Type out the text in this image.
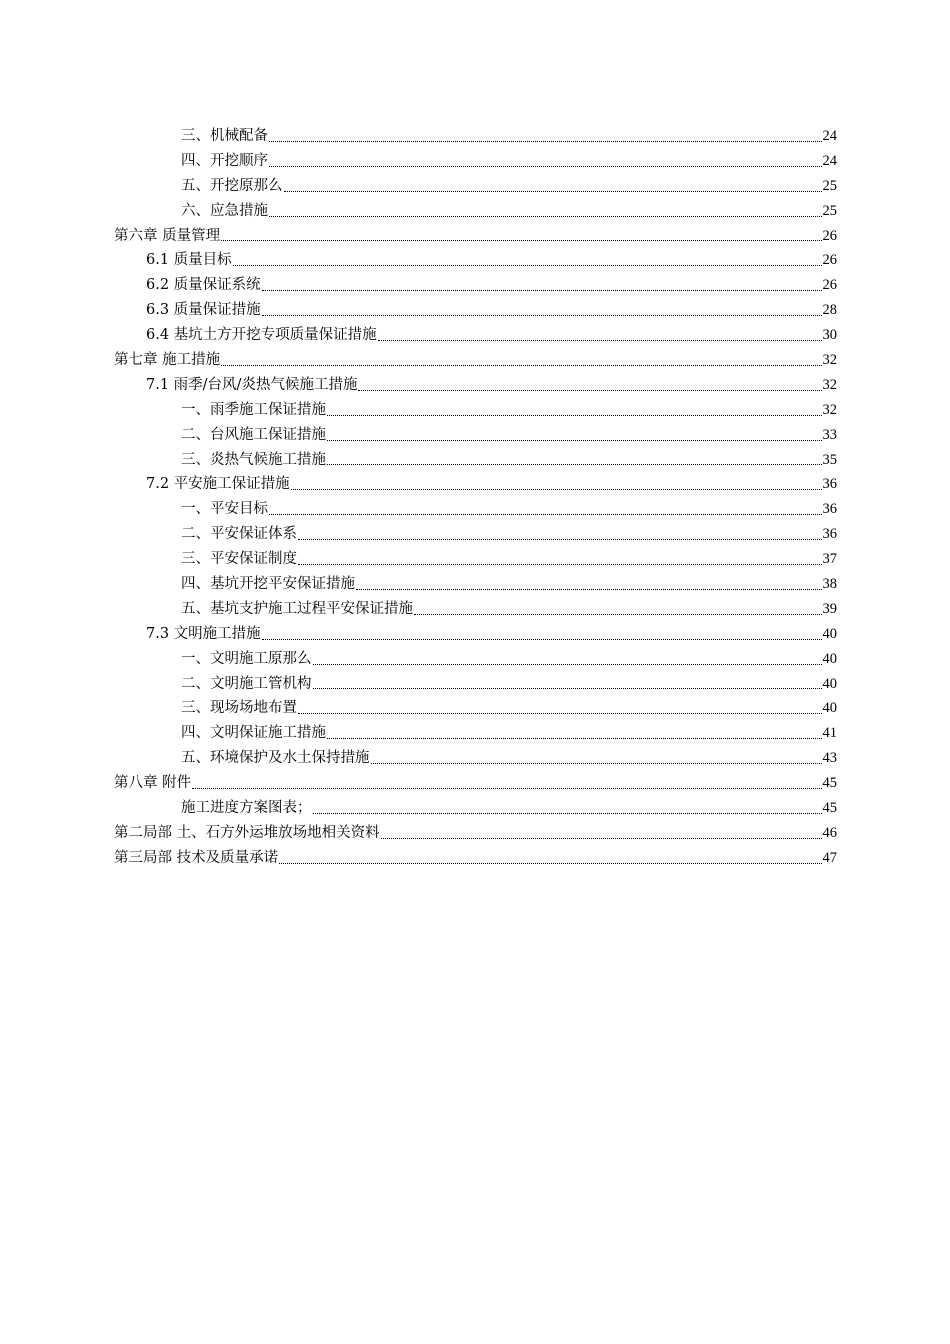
三、机械配备	24
四、开挖顺序	24
五、开挖原那么	25
六、应急措施	25
第六章 质量管理	26
6.1 质量目标	26
6.2 质量保证系统	26
6.3 质量保证措施	28
6.4 基坑土方开挖专项质量保证措施	30
第七章 施工措施	32
7.1 雨季/台风/炎热气候施工措施	32
一、雨季施工保证措施	32
二、台风施工保证措施	33
三、炎热气候施工措施	35
7.2 平安施工保证措施	36
一、平安目标	36
二、平安保证体系	36
三、平安保证制度	37
四、基坑开挖平安保证措施	38
五、基坑支护施工过程平安保证措施	39
7.3 文明施工措施	40
一、文明施工原那么	40
二、文明施工管机构	40
三、现场场地布置	40
四、文明保证施工措施	41
五、环境保护及水土保持措施	43
第八章 附件	45
施工进度方案图表；	45
第二局部 土、石方外运堆放场地相关资料	46
第三局部 技术及质量承诺	47
